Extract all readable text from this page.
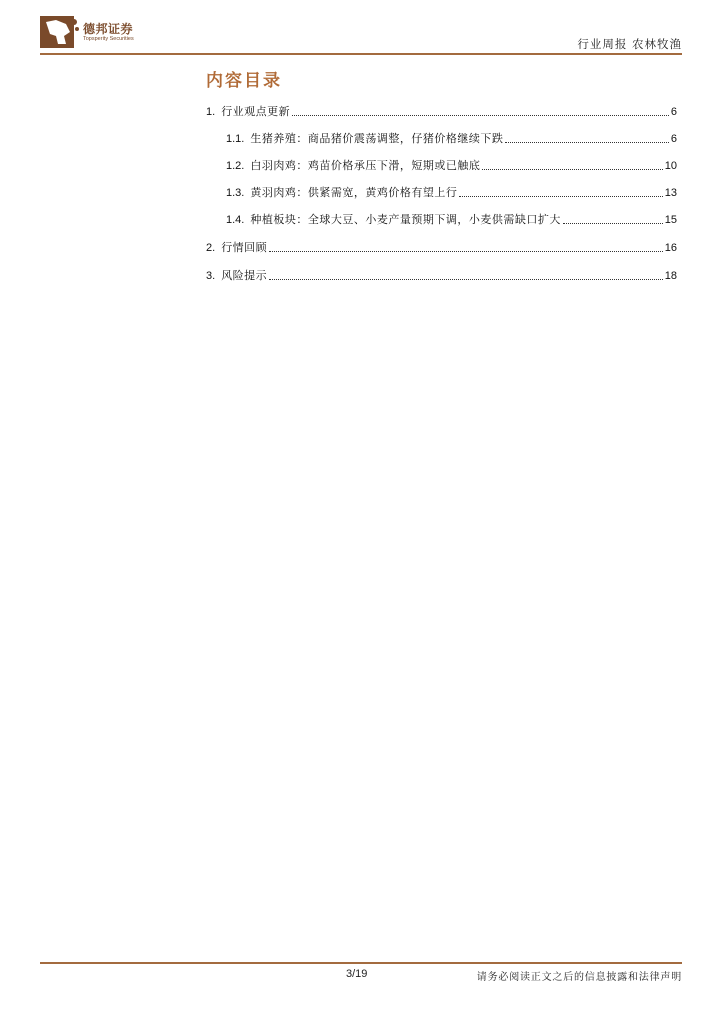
德邦证券
Topsperity Securities	行业周报 农林牧渔
内容目录
1. 行业观点更新	6
1.1. 生猪养殖：商品猪价震荡调整，仔猪价格继续下跌	6
1.2. 白羽肉鸡：鸡苗价格承压下滑，短期或已触底	10
1.3. 黄羽肉鸡：供紧需宽，黄鸡价格有望上行	13
1.4. 种植板块：全球大豆、小麦产量预期下调，小麦供需缺口扩大	15
2. 行情回顾	16
3. 风险提示	18
3/19	请务必阅读正文之后的信息披露和法律声明
